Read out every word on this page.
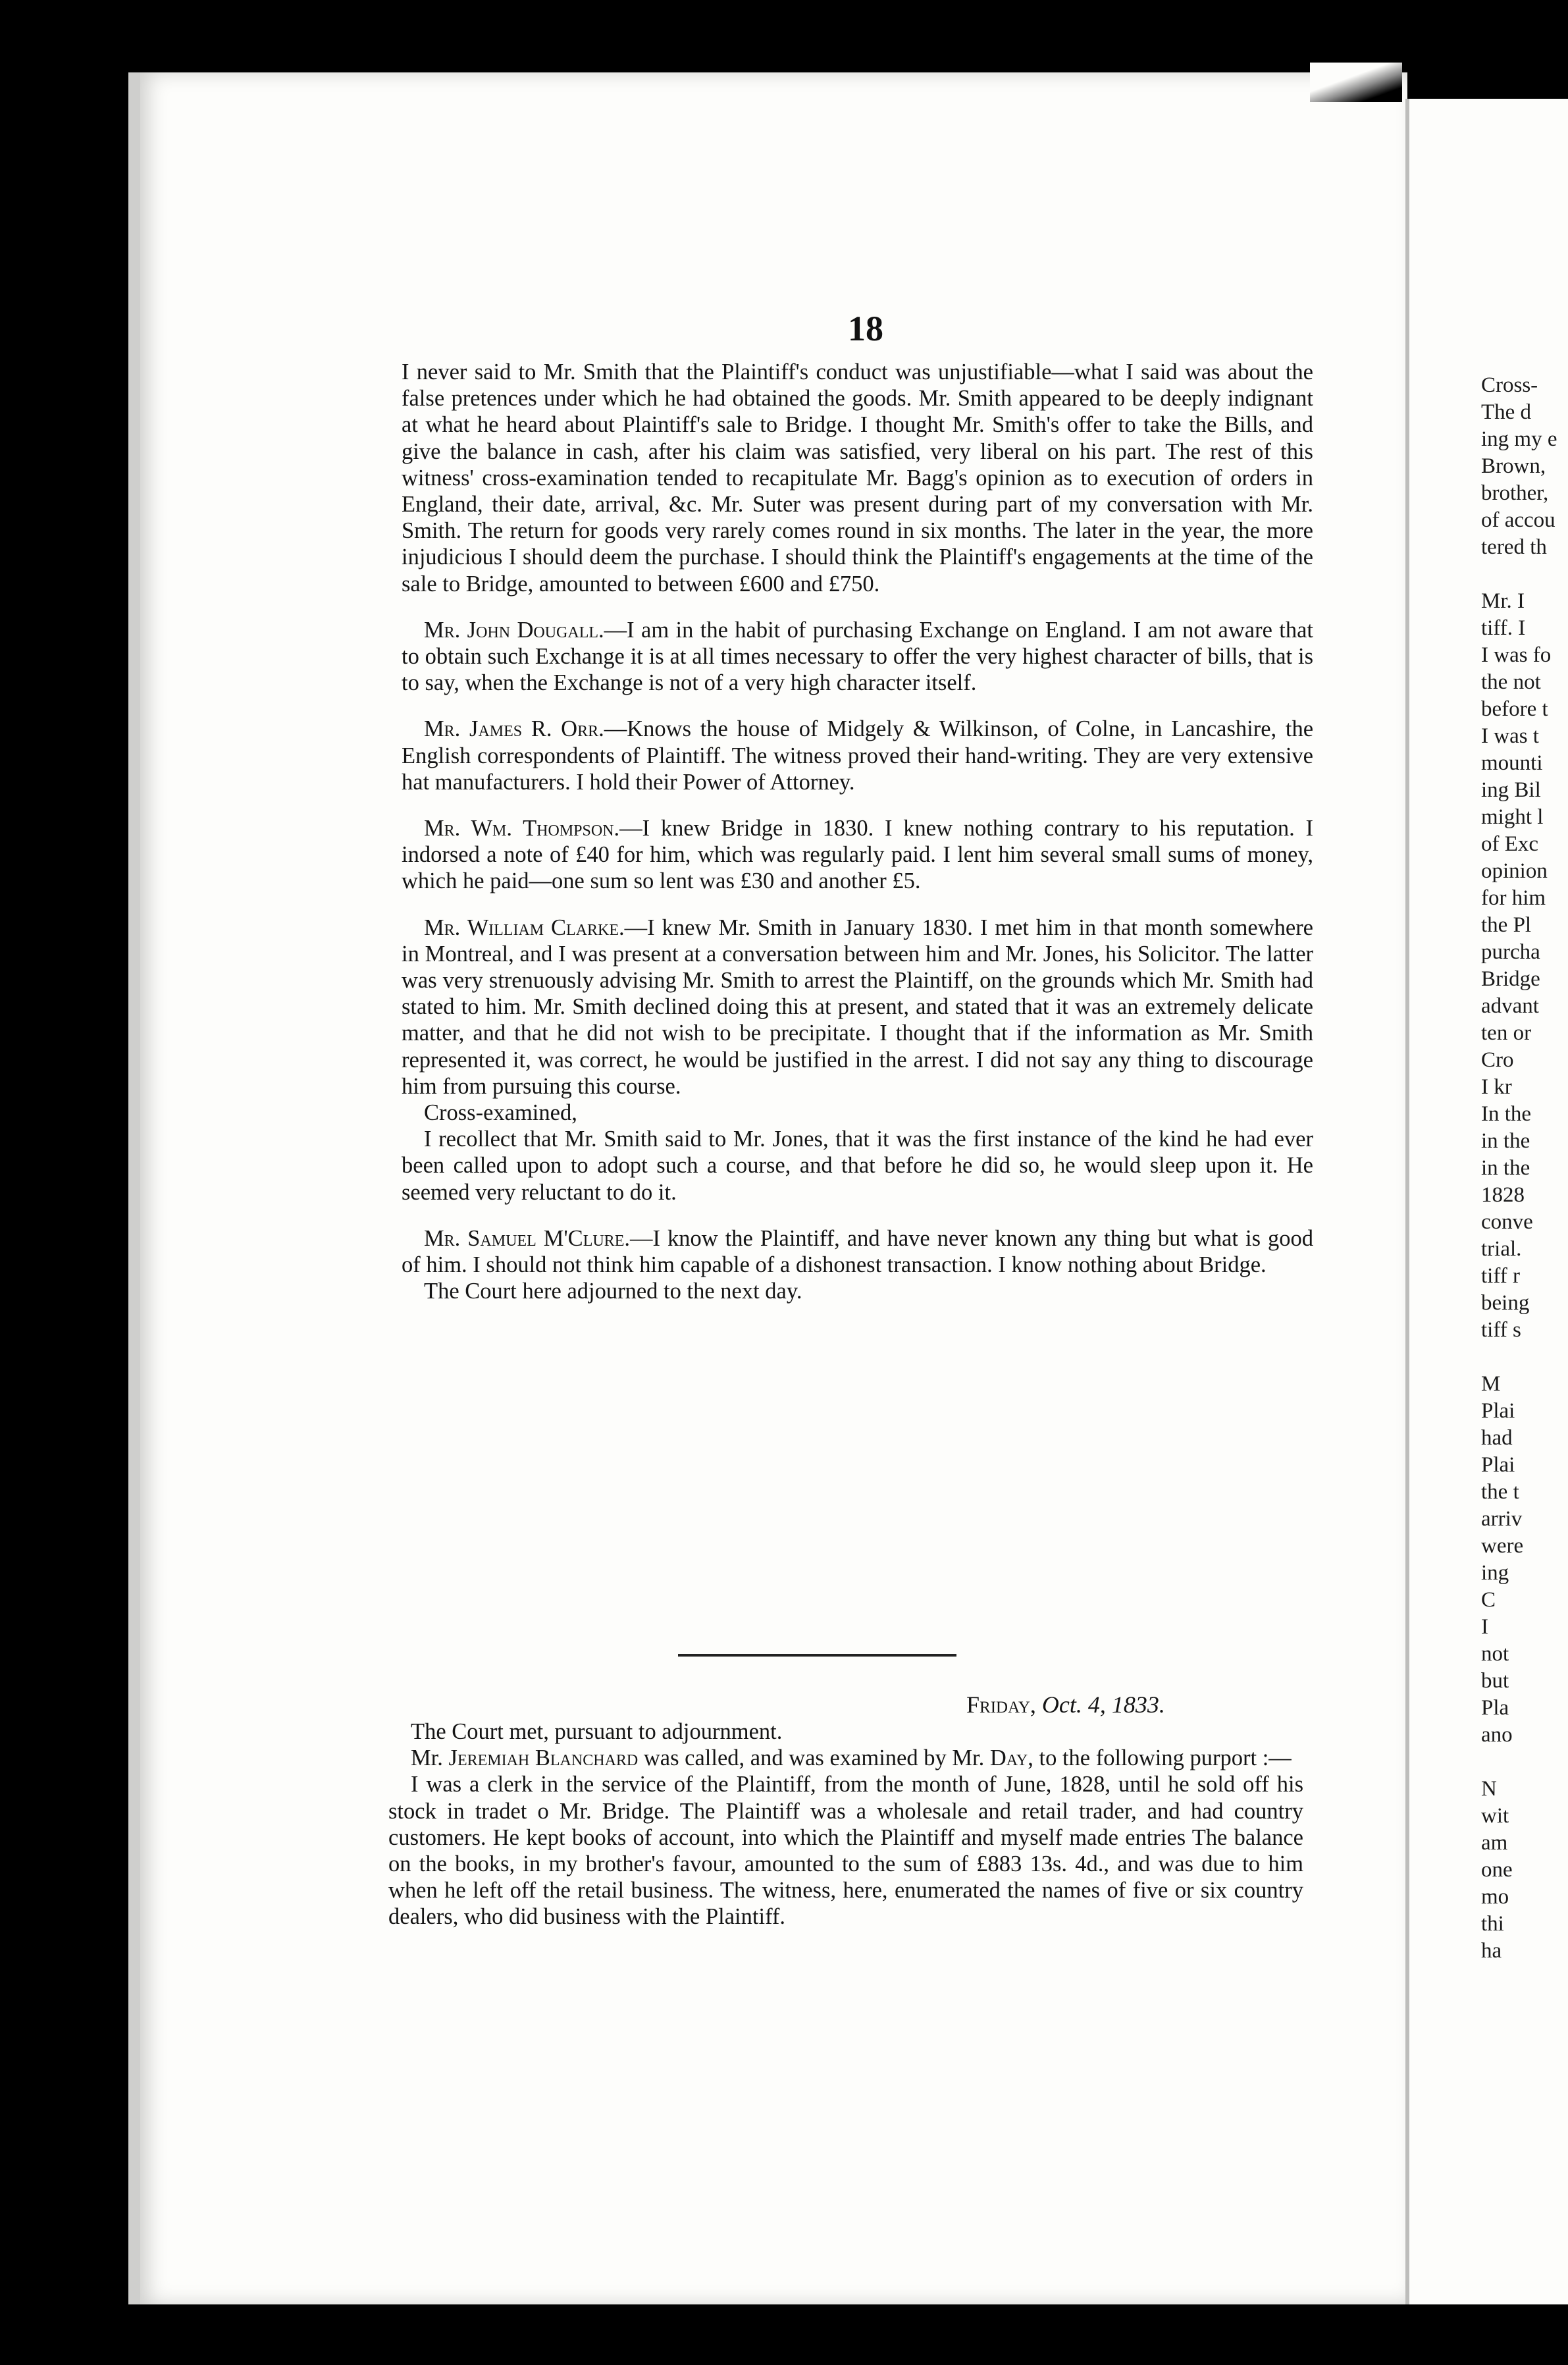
18

I never said to Mr. Smith that the Plaintiff's conduct was unjustifiable—what I said was about the false pretences under which he had obtained the goods. Mr. Smith appeared to be deeply indignant at what he heard about Plaintiff's sale to Bridge. I thought Mr. Smith's offer to take the Bills, and give the balance in cash, after his claim was satisfied, very liberal on his part. The rest of this witness' cross-examination tended to recapitulate Mr. Bagg's opinion as to execution of orders in England, their date, arrival, &c. Mr. Suter was present during part of my conversation with Mr. Smith. The return for goods very rarely comes round in six months. The later in the year, the more injudicious I should deem the purchase. I should think the Plaintiff's engagements at the time of the sale to Bridge, amounted to between £600 and £750.

Mr. John Dougall.—I am in the habit of purchasing Exchange on England. I am not aware that to obtain such Exchange it is at all times necessary to offer the very highest character of bills, that is to say, when the Exchange is not of a very high character itself.

Mr. James R. Orr.—Knows the house of Midgely & Wilkinson, of Colne, in Lancashire, the English correspondents of Plaintiff. The witness proved their hand-writing. They are very extensive hat manufacturers. I hold their Power of Attorney.

Mr. Wm. Thompson.—I knew Bridge in 1830. I knew nothing contrary to his reputation. I indorsed a note of £40 for him, which was regularly paid. I lent him several small sums of money, which he paid—one sum so lent was £30 and another £5.

Mr. William Clarke.—I knew Mr. Smith in January 1830. I met him in that month somewhere in Montreal, and I was present at a conversation between him and Mr. Jones, his Solicitor. The latter was very strenuously advising Mr. Smith to arrest the Plaintiff, on the grounds which Mr. Smith had stated to him. Mr. Smith declined doing this at present, and stated that it was an extremely delicate matter, and that he did not wish to be precipitate. I thought that if the information as Mr. Smith represented it, was correct, he would be justified in the arrest. I did not say any thing to discourage him from pursuing this course.

Cross-examined,

I recollect that Mr. Smith said to Mr. Jones, that it was the first instance of the kind he had ever been called upon to adopt such a course, and that before he did so, he would sleep upon it. He seemed very reluctant to do it.

Mr. Samuel M'Clure.—I know the Plaintiff, and have never known any thing but what is good of him. I should not think him capable of a dishonest transaction. I know nothing about Bridge.

The Court here adjourned to the next day.

Friday, Oct. 4, 1833.

The Court met, pursuant to adjournment.

Mr. Jeremiah Blanchard was called, and was examined by Mr. Day, to the following purport :—

I was a clerk in the service of the Plaintiff, from the month of June, 1828, until he sold off his stock in tradet o Mr. Bridge. The Plaintiff was a wholesale and retail trader, and had country customers. He kept books of account, into which the Plaintiff and myself made entries The balance on the books, in my brother's favour, amounted to the sum of £883 13s. 4d., and was due to him when he left off the retail business. The witness, here, enumerated the names of five or six country dealers, who did business with the Plaintiff.

Cross-
The d
ing my e
Brown,
brother,
of accou
tered th
Mr. I
tiff. I
I was fo
the not
before t
I was t
mounti
ing Bil
might l
of Exc
opinion
for him
the Pl
purcha
Bridge
advant
ten or
Cro
I kr
In the
in the
in the
1828
conve
trial.
tiff r
being
tiff s
M
Plai
had
Plai
the t
arriv
were
ing
C
I
not
but
Pla
ano
N
wit
am
one
mo
thi
ha
